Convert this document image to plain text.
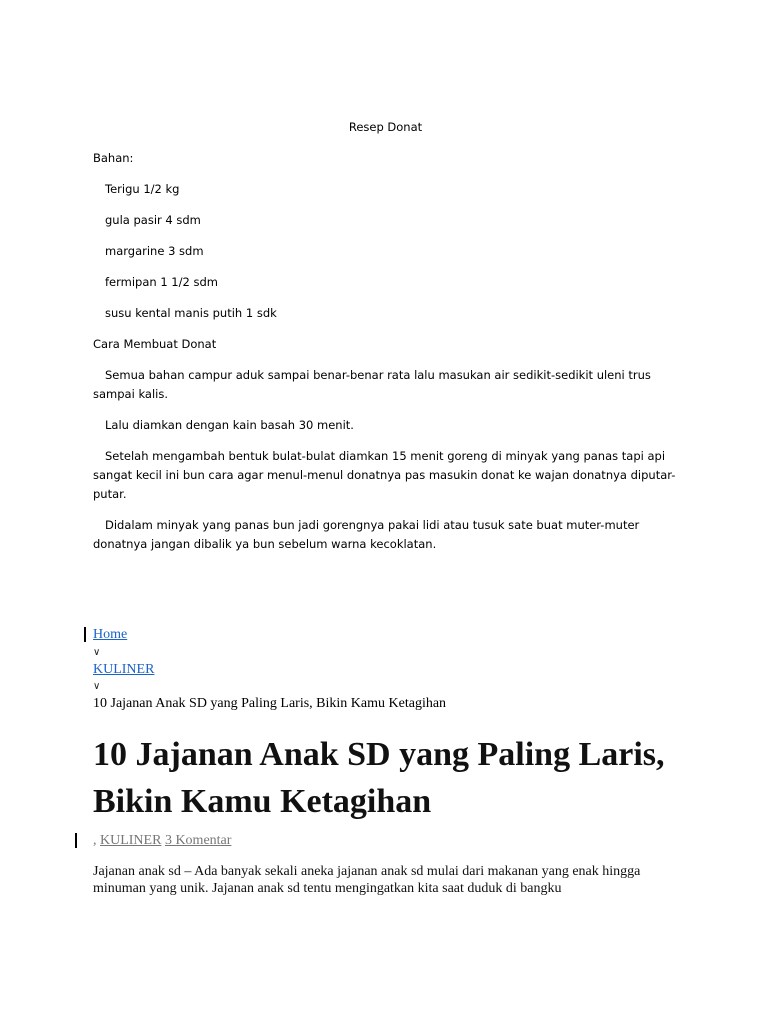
Resep Donat

Bahan:

Terigu 1/2 kg

gula pasir 4 sdm

margarine 3 sdm

fermipan 1 1/2 sdm

susu kental manis putih 1 sdk

Cara Membuat Donat

Semua bahan campur aduk sampai benar-benar rata lalu masukan air sedikit-sedikit uleni trus sampai kalis.

Lalu diamkan dengan kain basah 30 menit.

Setelah mengambah bentuk bulat-bulat diamkan 15 menit goreng di minyak yang panas tapi api sangat kecil ini bun cara agar menul-menul donatnya pas masukin donat ke wajan donatnya diputar-putar.

Didalam minyak yang panas bun jadi gorengnya pakai lidi atau tusuk sate buat muter-muter donatnya jangan dibalik ya bun sebelum warna kecoklatan.

Home
∨
KULINER
∨
10 Jajanan Anak SD yang Paling Laris, Bikin Kamu Ketagihan
10 Jajanan Anak SD yang Paling Laris, Bikin Kamu Ketagihan
, KULINER 3 Komentar

Jajanan anak sd – Ada banyak sekali aneka jajanan anak sd mulai dari makanan yang enak hingga minuman yang unik. Jajanan anak sd tentu mengingatkan kita saat duduk di bangku
